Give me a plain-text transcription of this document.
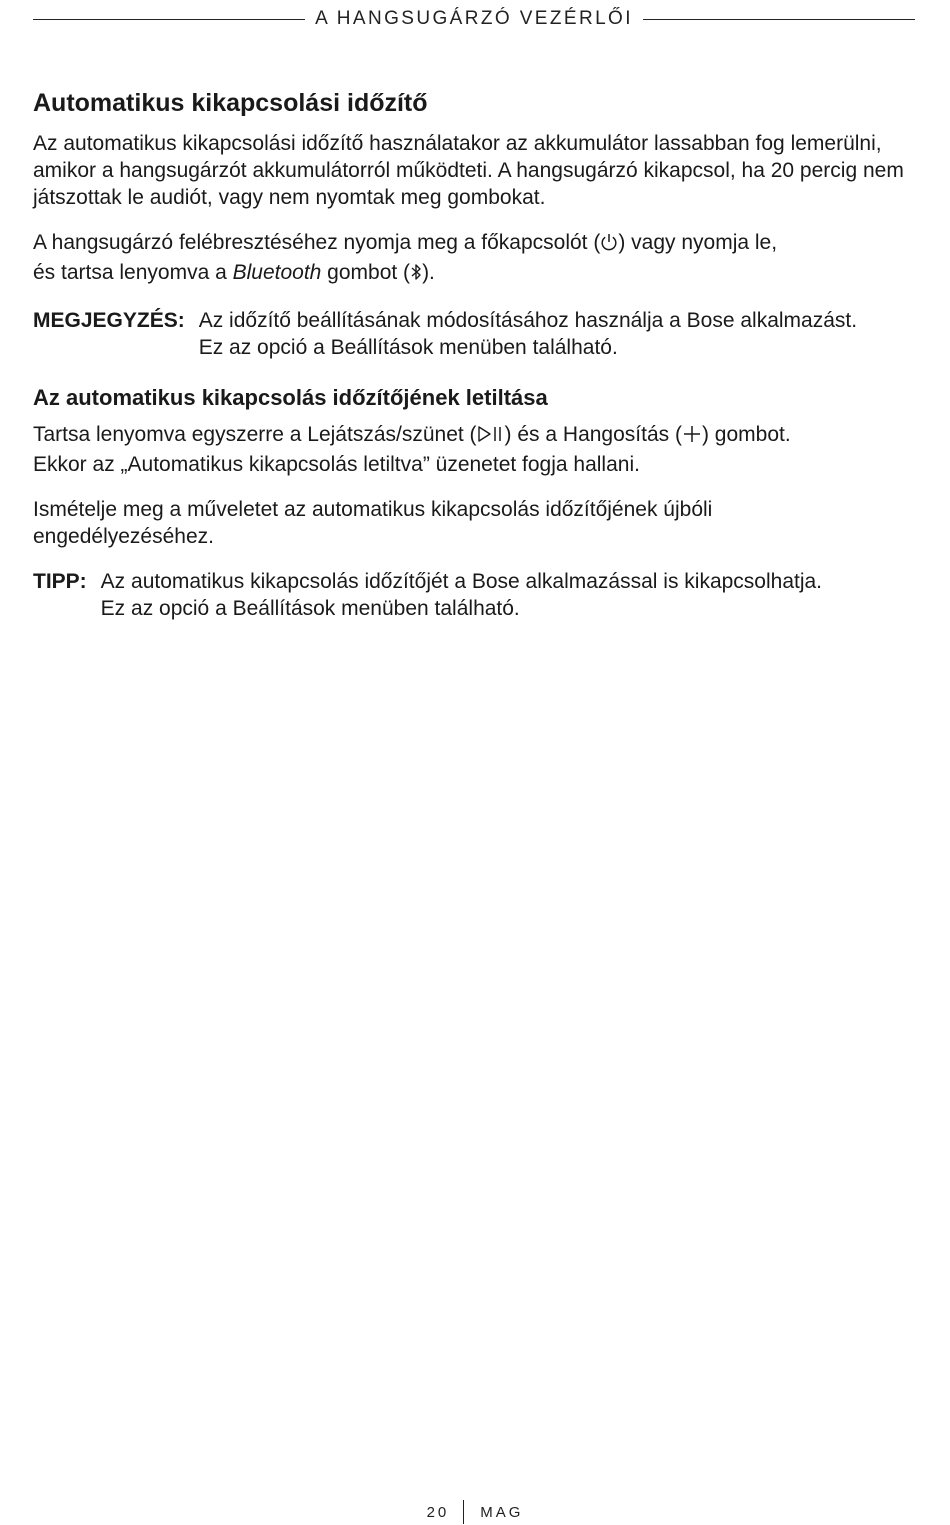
A HANGSUGÁRZÓ VEZÉRLŐI
Automatikus kikapcsolási időzítő

Az automatikus kikapcsolási időzítő használatakor az akkumulátor lassabban fog lemerülni, amikor a hangsugárzót akkumulátorról működteti. A hangsugárzó kikapcsol, ha 20 percig nem játszottak le audiót, vagy nem nyomtak meg gombokat.

A hangsugárzó felébresztéséhez nyomja meg a főkapcsolót ( ) vagy nyomja le,
és tartsa lenyomva a Bluetooth gombot ( ).

MEGJEGYZÉS: Az időzítő beállításának módosításához használja a Bose alkalmazást.

Ez az opció a Beállítások menüben található.

Az automatikus kikapcsolás időzítőjének letiltása

Tartsa lenyomva egyszerre a Lejátszás/szünet ( ) és a Hangosítás ( ) gombot.
Ekkor az „Automatikus kikapcsolás letiltva” üzenetet fogja hallani.

Ismételje meg a műveletet az automatikus kikapcsolás időzítőjének újbóli engedélyezéséhez.

TIPP: Az automatikus kikapcsolás időzítőjét a Bose alkalmazással is kikapcsolhatja.

Ez az opció a Beállítások menüben található.

20 MAG
